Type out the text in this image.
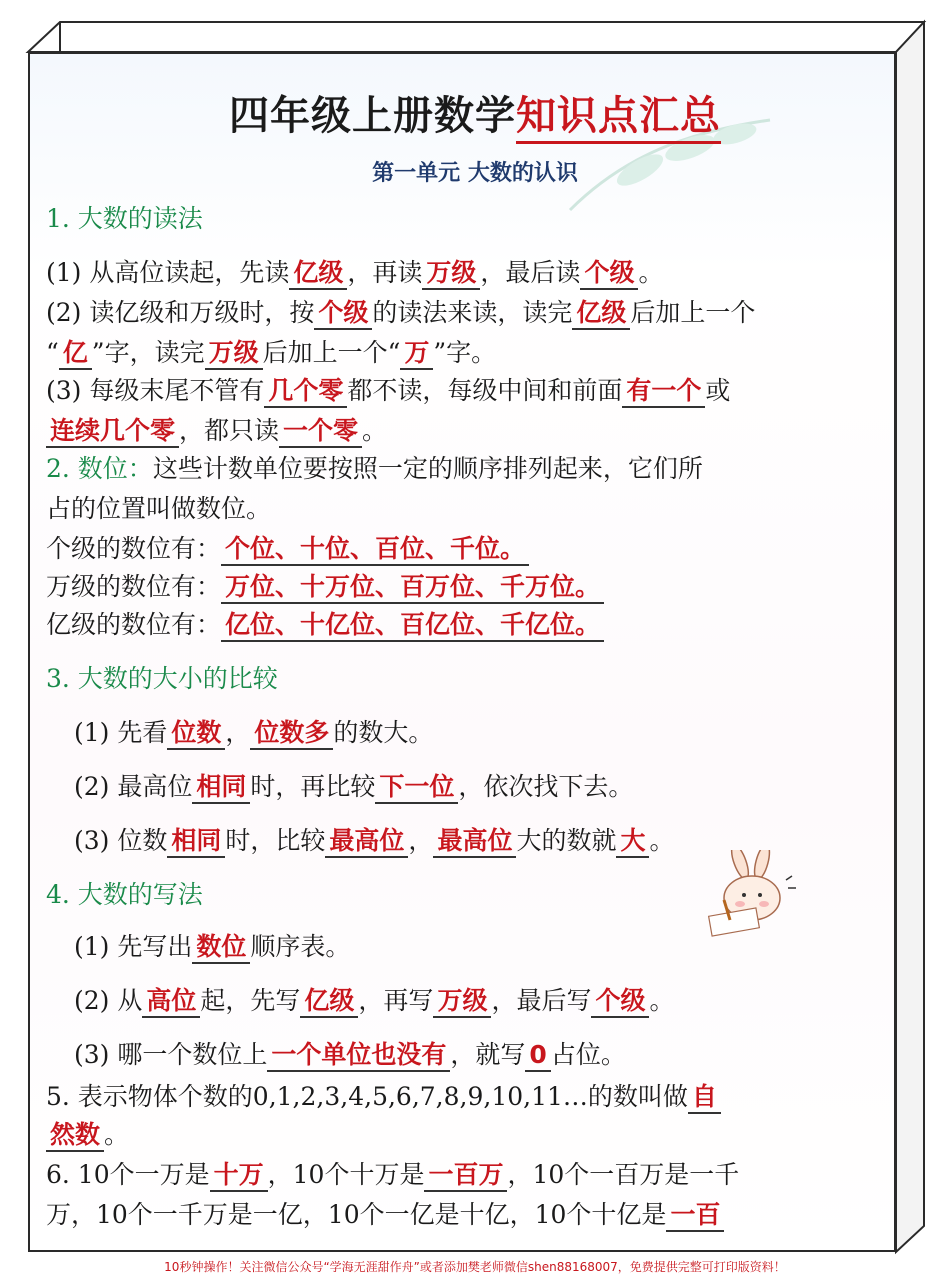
四年级上册数学知识点汇总
第一单元 大数的认识
1. 大数的读法
(1) 从高位读起，先读 亿级 ，再读 万级 ，最后读 个级 。
(2) 读亿级和万级时，按 个级 的读法来读，读完 亿级 后加上一个
“ 亿 ”字，读完 万级 后加上一个“ 万 ”字。
(3) 每级末尾不管有 几个零 都不读，每级中间和前面 有一个 或
连续几个零 ，都只读 一个零 。
2. 数位：这些计数单位要按照一定的顺序排列起来，它们所
占的位置叫做数位。
个级的数位有： 个位、十位、百位、千位。
万级的数位有： 万位、十万位、百万位、千万位。
亿级的数位有： 亿位、十亿位、百亿位、千亿位。
3. 大数的大小的比较
(1) 先看 位数 ， 位数多 的数大。
(2) 最高位 相同 时，再比较 下一位 ，依次找下去。
(3) 位数 相同 时，比较 最高位 ， 最高位 大的数就 大 。
4. 大数的写法
(1) 先写出 数位 顺序表。
(2) 从 高位 起，先写 亿级 ，再写 万级 ，最后写 个级 。
(3) 哪一个数位上 一个单位也没有 ，就写 0 占位。
5. 表示物体个数的0,1,2,3,4,5,6,7,8,9,10,11…的数叫做 自
然数 。
6. 10个一万是 十万 ，10个十万是 一百万 ，10个一百万是一千
万，10个一千万是一亿，10个一亿是十亿，10个十亿是 一百
10秒钟操作！关注微信公众号“学海无涯甜作舟”或者添加樊老师微信shen88168007，免费提供完整可打印版资料！
